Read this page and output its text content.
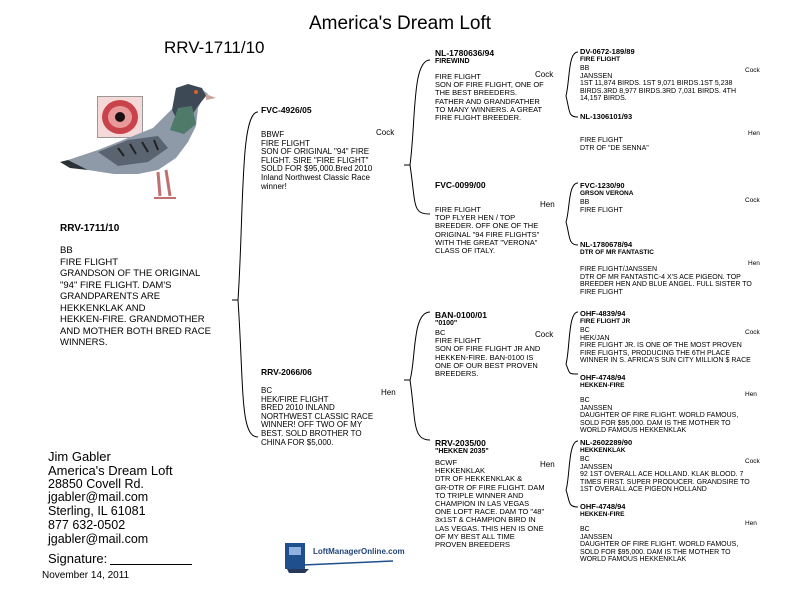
America's Dream Loft
RRV-1711/10
RRV-1711/10
BB
FIRE FLIGHT
GRANDSON OF THE ORIGINAL
"94" FIRE FLIGHT. DAM'S
GRANDPARENTS ARE
HEKKENKLAK AND
HEKKEN-FIRE. GRANDMOTHER
AND MOTHER BOTH BRED RACE
WINNERS.
FVC-4926/05
Cock
BBWF
FIRE FLIGHT
SON OF ORIGINAL "94" FIRE
FLIGHT. SIRE "FIRE FLIGHT"
SOLD FOR $95,000.Bred 2010
Inland Northwest Classic Race
winner!
RRV-2066/06
Hen
BC
HEK/FIRE FLIGHT
BRED 2010 INLAND
NORTHWEST CLASSIC RACE
WINNER! OFF TWO OF MY
BEST. SOLD BROTHER TO
CHINA FOR $5,000.
NL-1780636/94
FIREWIND
Cock
FIRE FLIGHT
SON OF FIRE FLIGHT, ONE OF
THE BEST BREEDERS.
FATHER AND GRANDFATHER
TO MANY WINNERS. A GREAT
FIRE FLIGHT BREEDER.
FVC-0099/00
Hen
FIRE FLIGHT
TOP FLYER HEN / TOP
BREEDER. OFF ONE OF THE
ORIGINAL "94 FIRE FLIGHTS"
WITH THE GREAT "VERONA"
CLASS OF ITALY.
BAN-0100/01
"0100"
Cock
BC
FIRE FLIGHT
SON OF FIRE FLIGHT JR AND
HEKKEN-FIRE. BAN-0100 IS
ONE OF OUR BEST PROVEN
BREEDERS.
RRV-2035/00
"HEKKEN 2035"
Hen
BCWF
HEKKENKLAK
DTR OF HEKKENKLAK &
GR-DTR OF FIRE FLIGHT. DAM
TO TRIPLE WINNER AND
CHAMPION IN LAS VEGAS
ONE LOFT RACE. DAM TO "48"
3x1ST & CHAMPION BIRD IN
LAS VEGAS. THIS HEN IS ONE
OF MY BEST ALL TIME
PROVEN BREEDERS
DV-0672-189/89
FIRE FLIGHT
Cock
BB
JANSSEN
1ST 11,874 BIRDS. 1ST 9,071 BIRDS.1ST 5,238
BIRDS.3RD 8,977 BIRDS.3RD 7,031 BIRDS. 4TH
14,157 BIRDS.
NL-1306101/93
Hen
FIRE FLIGHT
DTR OF "DE SENNA"
FVC-1230/90
GRSON VERONA
Cock
BB
FIRE FLIGHT
NL-1780678/94
DTR OF MR FANTASTIC
Hen
FIRE FLIGHT/JANSSEN
DTR OF MR FANTASTIC-4 X'S ACE PIGEON. TOP
BREEDER HEN AND BLUE ANGEL. FULL SISTER TO
FIRE FLIGHT
OHF-4839/94
FIRE FLIGHT JR
Cock
BC
HEK/JAN
FIRE FLIGHT JR. IS ONE OF THE MOST PROVEN
FIRE FLIGHTS, PRODUCING THE 6TH PLACE
WINNER IN S. AFRICA'S SUN CITY MILLION $ RACE
OHF-4748/94
HEKKEN-FIRE
Hen
BC
JANSSEN
DAUGHTER OF FIRE FLIGHT. WORLD FAMOUS,
SOLD FOR $95,000. DAM IS THE MOTHER TO
WORLD FAMOUS HEKKENKLAK
NL-2602289/90
HEKKENKLAK
Cock
BC
JANSSEN
92 1ST OVERALL ACE HOLLAND. KLAK BLOOD. 7
TIMES FIRST. SUPER PRODUCER. GRANDSIRE TO
1ST OVERALL ACE PIGEON HOLLAND
OHF-4748/94
HEKKEN-FIRE
Hen
BC
JANSSEN
DAUGHTER OF FIRE FLIGHT. WORLD FAMOUS,
SOLD FOR $95,000. DAM IS THE MOTHER TO
WORLD FAMOUS HEKKENKLAK
Jim Gabler
America's Dream Loft
28850 Covell Rd.
jgabler@mail.com
Sterling, IL 61081
877 632-0502
jgabler@mail.com
Signature:
November 14, 2011
LoftManagerOnline.com
